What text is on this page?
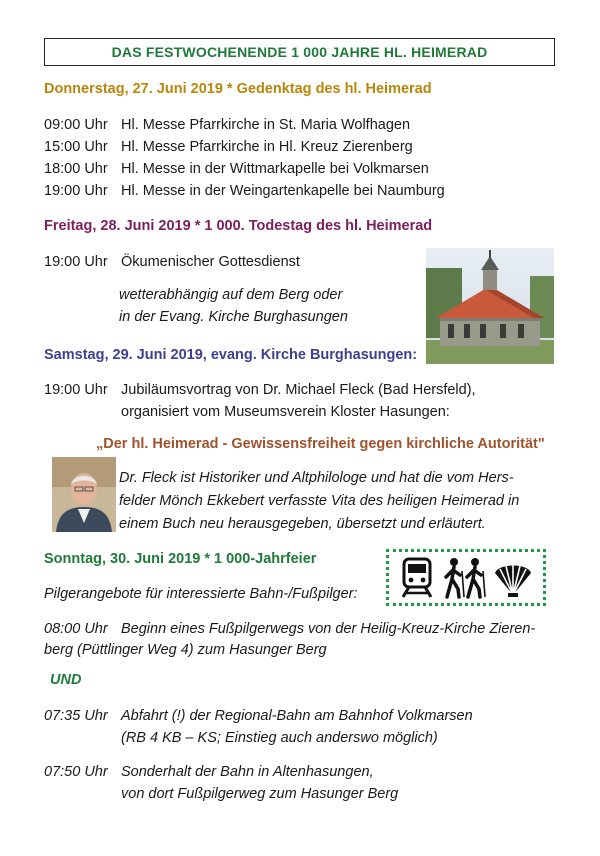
DAS FESTWOCHENENDE 1 000 JAHRE HL. HEIMERAD
Donnerstag, 27. Juni 2019 * Gedenktag des hl. Heimerad
09:00 Uhr Hl. Messe Pfarrkirche in St. Maria Wolfhagen
15:00 Uhr Hl. Messe Pfarrkirche in Hl. Kreuz Zierenberg
18:00 Uhr Hl. Messe in der Wittmarkapelle bei Volkmarsen
19:00 Uhr Hl. Messe in der Weingartenkapelle bei Naumburg
Freitag, 28. Juni 2019 * 1 000. Todestag des hl. Heimerad
19:00 Uhr Ökumenischer Gottesdienst
wetterabhängig auf dem Berg oder
in der Evang. Kirche Burghasungen
Samstag, 29. Juni 2019, evang. Kirche Burghasungen:
19:00 Uhr Jubiläumsvortrag von Dr. Michael Fleck (Bad Hersfeld),
organisiert vom Museumsverein Kloster Hasungen:
„Der hl. Heimerad - Gewissensfreiheit gegen kirchliche Autorität"
Dr. Fleck ist Historiker und Altphilologe und hat die vom Hers-
felder Mönch Ekkebert verfasste Vita des heiligen Heimerad in
einem Buch neu herausgegeben, übersetzt und erläutert.
Sonntag, 30. Juni 2019 * 1 000-Jahrfeier
Pilgerangebote für interessierte Bahn-/Fußpilger:
08:00 Uhr Beginn eines Fußpilgerwegs von der Heilig-Kreuz-Kirche Zieren-
berg (Püttlinger Weg 4) zum Hasunger Berg
UND
07:35 Uhr Abfahrt (!) der Regional-Bahn am Bahnhof Volkmarsen
(RB 4 KB – KS; Einstieg auch anderswo möglich)
07:50 Uhr Sonderhalt der Bahn in Altenhasungen,
von dort Fußpilgerweg zum Hasunger Berg
